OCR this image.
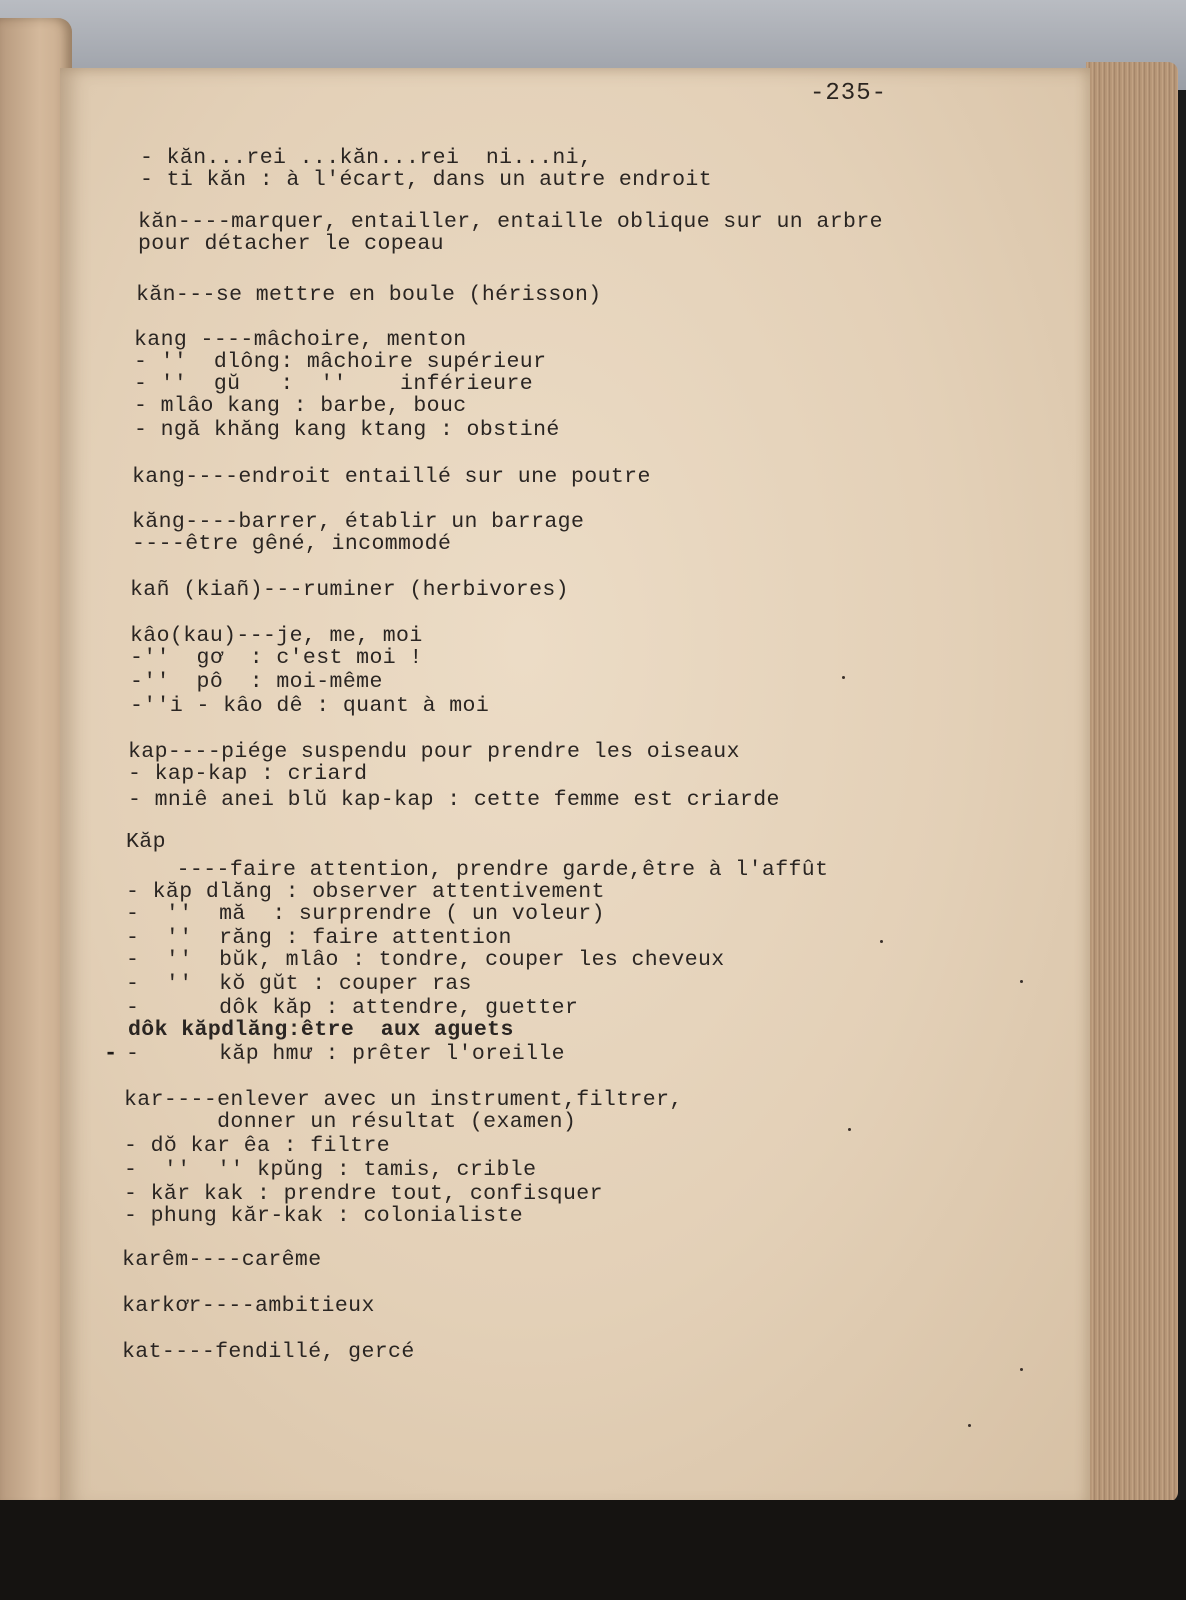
-235-
- kăn...rei ...kăn...rei  ni...ni,
- ti kăn : à l'écart, dans un autre endroit
kăn----marquer, entailler, entaille oblique sur un arbre
pour détacher le copeau
kăn---se mettre en boule (hérisson)
kang ----mâchoire, menton
- ''  dlông: mâchoire supérieur
- ''  gŭ   :  ''    inférieure
- mlâo kang : barbe, bouc
- ngă khăng kang ktang : obstiné
kang----endroit entaillé sur une poutre
kăng----barrer, établir un barrage
----être gêné, incommodé
kañ (kiañ)---ruminer (herbivores)
kâo(kau)---je, me, moi
-''  gơ  : c'est moi !
-''  pô  : moi-même
-''i - kâo dê : quant à moi
kap----piége suspendu pour prendre les oiseaux
- kap-kap : criard
- mniê anei blŭ kap-kap : cette femme est criarde
Kăp
----faire attention, prendre garde,être à l'affût
- kăp dlăng : observer attentivement
-  ''  mă  : surprendre ( un voleur)
-  ''  răng : faire attention
-  ''  bŭk, mlâo : tondre, couper les cheveux
-  ''  kŏ gŭt : couper ras
-      dôk kăp : attendre, guetter
dôk kăpdlăng:être  aux aguets
-      kăp hmư : prêter l'oreille
kar----enlever avec un instrument,filtrer,
donner un résultat (examen)
- dŏ kar êa : filtre
-  ''  '' kpŭng : tamis, crible
- kăr kak : prendre tout, confisquer
- phung kăr-kak : colonialiste
karêm----carême
karkơr----ambitieux
kat----fendillé, gercé
-
